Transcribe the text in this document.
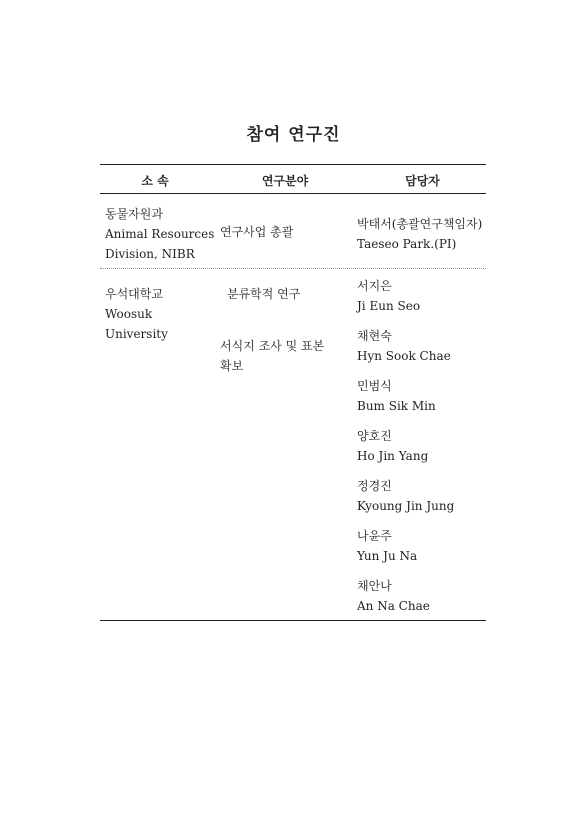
참여 연구진
소 속	연구분야	담당자
동물자원과
Animal Resources
Division, NIBR
연구사업 총괄
박태서(총괄연구책임자)
Taeseo Park.(PI)
우석대학교
Woosuk
University
분류학적 연구
서식지 조사 및 표본 확보
서지은
Ji Eun Seo
채현숙
Hyn Sook Chae
민범식
Bum Sik Min
양호진
Ho Jin Yang
정경진
Kyoung Jin Jung
나윤주
Yun Ju Na
채안나
An Na Chae
